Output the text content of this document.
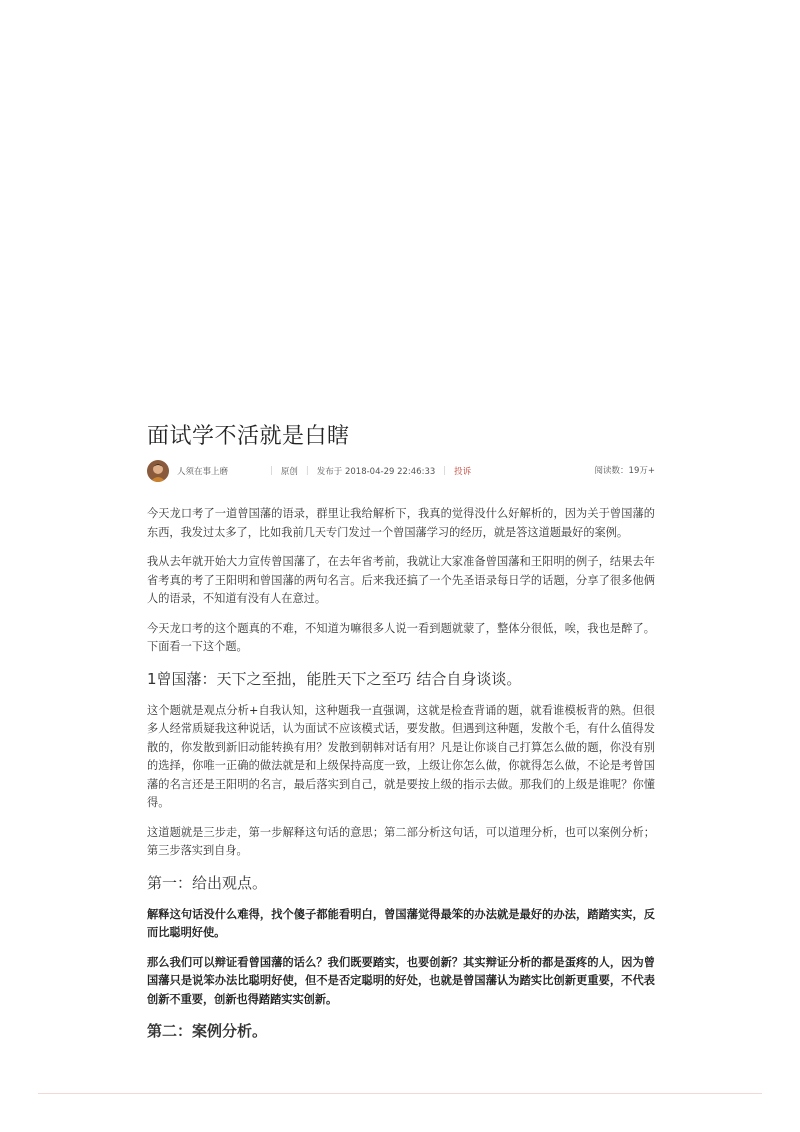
面试学不活就是白瞎
人须在事上磨	| 原创 | 发布于 2018-04-29 22:46:33 | 投诉	阅读数：19万+

今天龙口考了一道曾国藩的语录，群里让我给解析下，我真的觉得没什么好解析的，因为关于曾国藩的东西，我发过太多了，比如我前几天专门发过一个曾国藩学习的经历，就是答这道题最好的案例。

我从去年就开始大力宣传曾国藩了，在去年省考前，我就让大家准备曾国藩和王阳明的例子，结果去年省考真的考了王阳明和曾国藩的两句名言。后来我还搞了一个先圣语录每日学的话题，分享了很多他俩人的语录，不知道有没有人在意过。

今天龙口考的这个题真的不难，不知道为嘛很多人说一看到题就蒙了，整体分很低，唉，我也是醉了。下面看一下这个题。

1曾国藩：天下之至拙，能胜天下之至巧 结合自身谈谈。

这个题就是观点分析+自我认知，这种题我一直强调，这就是检查背诵的题，就看谁模板背的熟。但很多人经常质疑我这种说话，认为面试不应该模式话，要发散。但遇到这种题，发散个毛，有什么值得发散的，你发散到新旧动能转换有用？发散到朝韩对话有用？凡是让你谈自己打算怎么做的题，你没有别的选择，你唯一正确的做法就是和上级保持高度一致，上级让你怎么做，你就得怎么做，不论是考曾国藩的名言还是王阳明的名言，最后落实到自己，就是要按上级的指示去做。那我们的上级是谁呢？你懂得。

这道题就是三步走，第一步解释这句话的意思；第二部分析这句话，可以道理分析，也可以案例分析；第三步落实到自身。

第一：给出观点。

解释这句话没什么难得，找个傻子都能看明白，曾国藩觉得最笨的办法就是最好的办法，踏踏实实，反而比聪明好使。

那么我们可以辩证看曾国藩的话么？我们既要踏实，也要创新？其实辩证分析的都是蛋疼的人，因为曾国藩只是说笨办法比聪明好使，但不是否定聪明的好处，也就是曾国藩认为踏实比创新更重要，不代表创新不重要，创新也得踏踏实实创新。

第二：案例分析。
